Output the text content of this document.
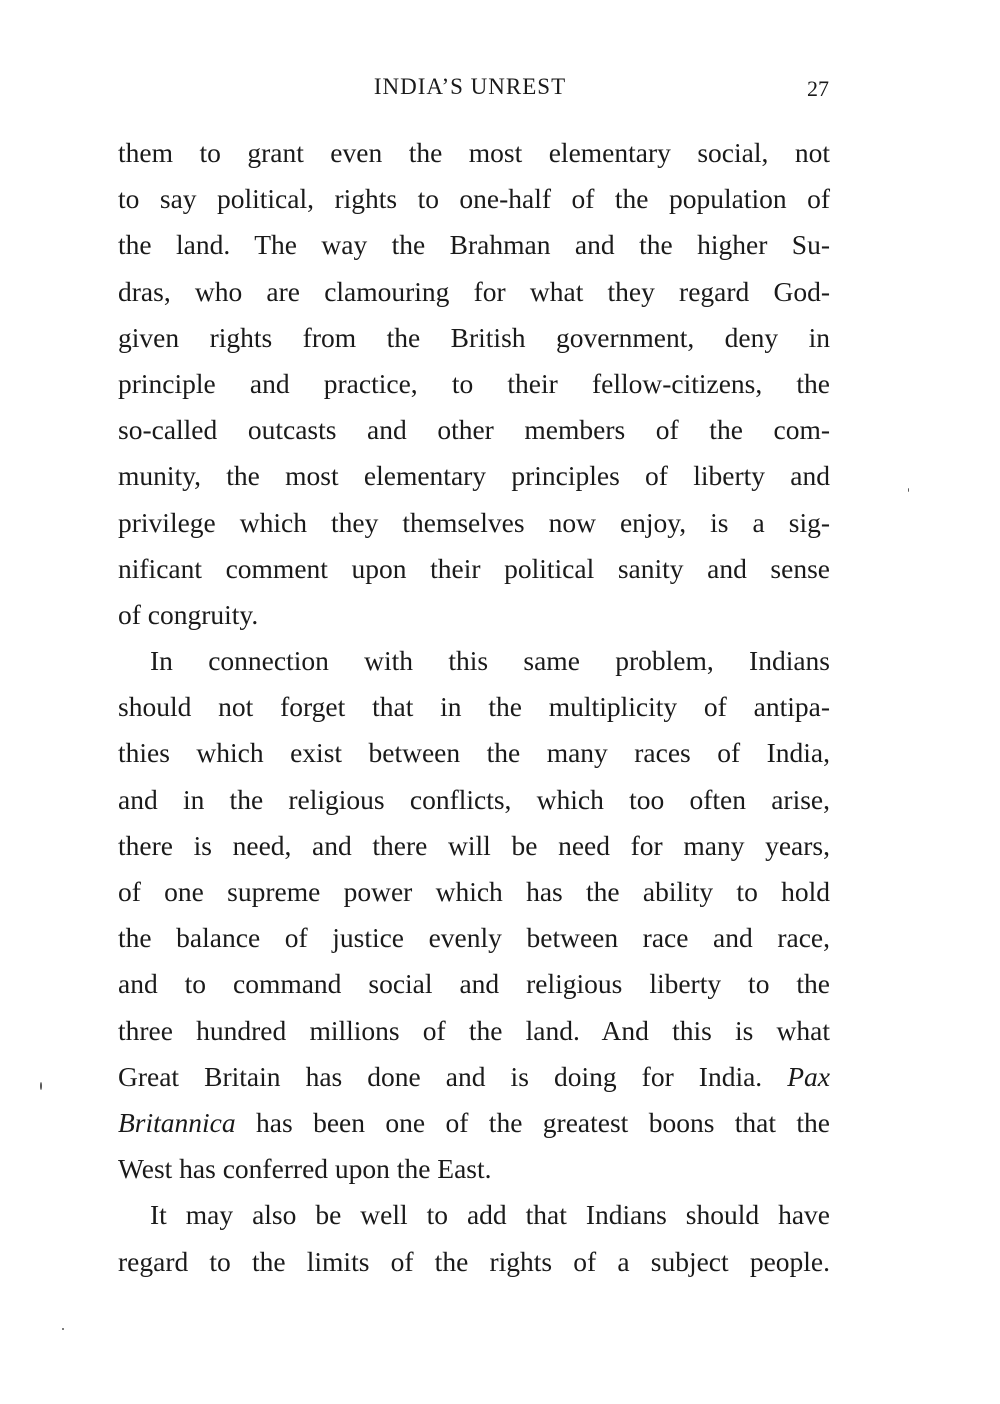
INDIA’S UNREST	27
them to grant even the most elementary social, not
to say political, rights to one-half of the population of
the land. The way the Brahman and the higher Su-
dras, who are clamouring for what they regard God-
given rights from the British government, deny in
principle and practice, to their fellow-citizens, the
so-called outcasts and other members of the com-
munity, the most elementary principles of liberty and
privilege which they themselves now enjoy, is a sig-
nificant comment upon their political sanity and sense
of congruity.
In connection with this same problem, Indians
should not forget that in the multiplicity of antipa-
thies which exist between the many races of India,
and in the religious conflicts, which too often arise,
there is need, and there will be need for many years,
of one supreme power which has the ability to hold
the balance of justice evenly between race and race,
and to command social and religious liberty to the
three hundred millions of the land. And this is what
Great Britain has done and is doing for India. Pax
Britannica has been one of the greatest boons that the
West has conferred upon the East.
It may also be well to add that Indians should have
regard to the limits of the rights of a subject people.
